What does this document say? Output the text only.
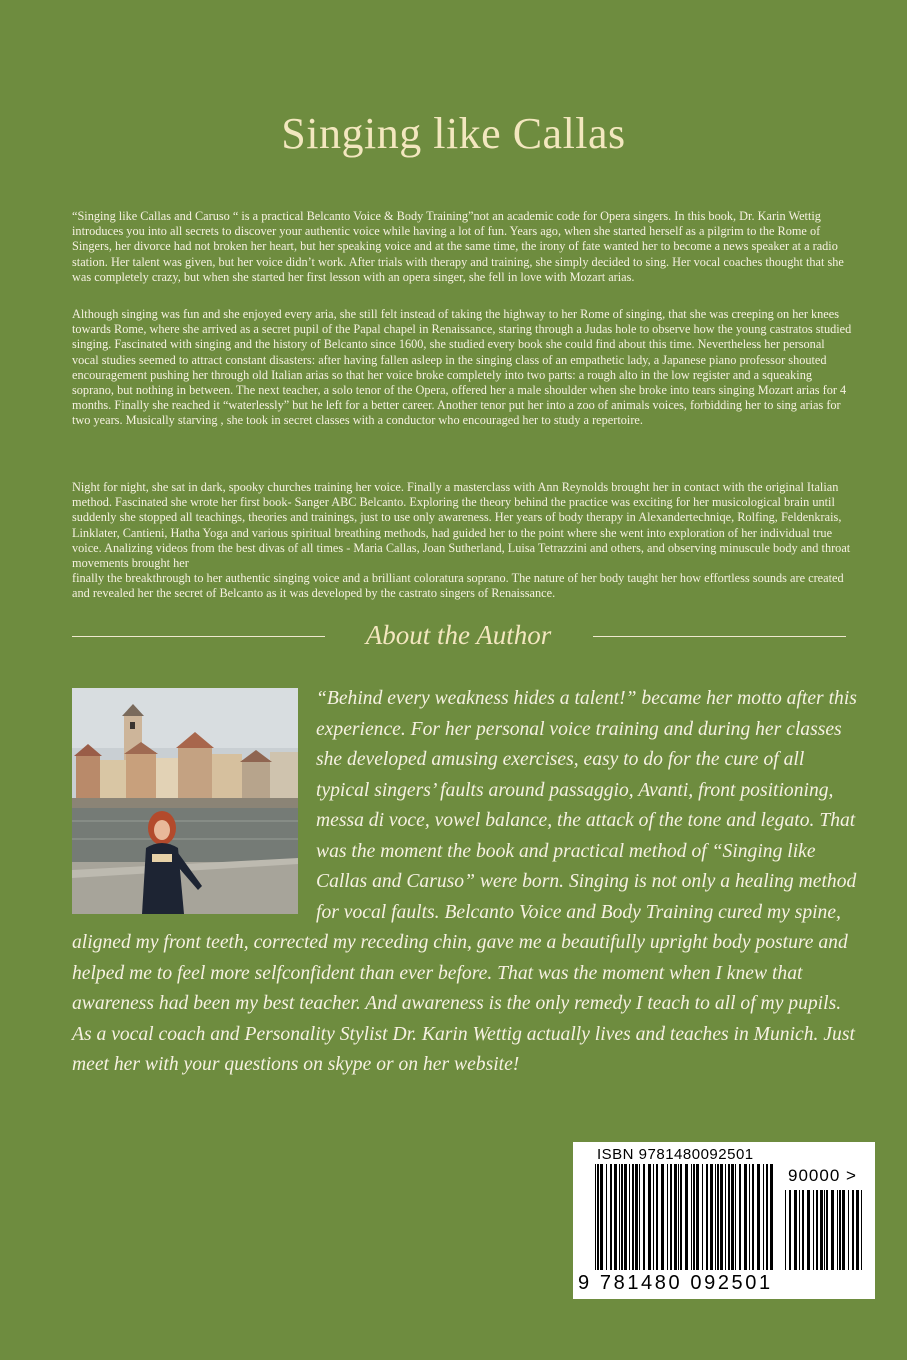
Singing like Callas

“Singing like Callas and Caruso “ is a practical Belcanto Voice & Body Training”not an academic code for Opera singers. In this book, Dr. Karin Wettig introduces you into all secrets to discover your authentic voice while having a lot of fun. Years ago, when she started herself as a pilgrim to the Rome of Singers, her divorce had not broken her heart, but her speaking voice and at the same time, the irony of fate wanted her to become a news speaker at a radio station. Her talent was given, but her voice didn’t work. After trials with therapy and training, she simply decided to sing. Her vocal coaches thought that she was completely crazy, but when she started her first lesson with an opera singer, she fell in love with Mozart arias.

Although singing was fun and she enjoyed every aria, she still felt instead of taking the highway to her Rome of singing, that she was creeping on her knees towards Rome, where she arrived as a secret pupil of the Papal chapel in Renaissance, staring through a Judas hole to observe how the young castratos studied singing. Fascinated with singing and the history of Belcanto since 1600, she studied every book she could find about this time. Nevertheless her personal vocal studies seemed to attract constant disasters: after having fallen asleep in the singing class of an empathetic lady, a Japanese piano professor shouted encouragement pushing her through old Italian arias so that her voice broke completely into two parts: a rough alto in the low register and a squeaking soprano, but nothing in between. The next teacher, a solo tenor of the Opera, offered her a male shoulder when she broke into tears singing Mozart arias for 4 months. Finally she reached it “waterlessly” but he left for a better career. Another tenor put her into a zoo of animals voices, forbidding her to sing arias for two years. Musically starving , she took in secret classes with a conductor who encouraged her to study a repertoire.

Night for night, she sat in dark, spooky churches training her voice. Finally a masterclass with Ann Reynolds brought her in contact with the original Italian method. Fascinated she wrote her first book- Sanger ABC Belcanto. Exploring the theory behind the practice was exciting for her musicological brain until suddenly she stopped all teachings, theories and trainings, just to use only awareness. Her years of body therapy in Alexandertechniqe, Rolfing, Feldenkrais, Linklater, Cantieni, Hatha Yoga and various spiritual breathing methods, had guided her to the point where she went into exploration of her individual true voice. Analizing videos from the best divas of all times - Maria Callas, Joan Sutherland, Luisa Tetrazzini and others, and observing minuscule body and throat movements brought her

finally the breakthrough to her authentic singing voice and a brilliant coloratura soprano. The nature of her body taught her how effortless sounds are created and revealed her the secret of Belcanto as it was developed by the castrato singers of Renaissance.

About the Author

“Behind every weakness hides a talent!” became her motto after this experience. For her personal voice training and during her classes she developed amusing exercises, easy to do for the cure of all typical singers’ faults around passaggio, Avanti, front positioning, messa di voce, vowel balance, the attack of the tone and legato. That was the moment the book and practical method of “Singing like Callas and Caruso” were born. Singing is not only a healing method for vocal faults. Belcanto Voice and Body Training cured my spine, aligned my front teeth, corrected my receding chin, gave me a beautifully upright body posture and helped me to feel more selfconfident than ever before. That was the moment when I knew that awareness had been my best teacher. And awareness is the only remedy I teach to all of my pupils. As a vocal coach and Personality Stylist Dr. Karin Wettig actually lives and teaches in Munich. Just meet her with your questions on skype or on her website!

ISBN 9781480092501
90000 >
9 781480 092501
